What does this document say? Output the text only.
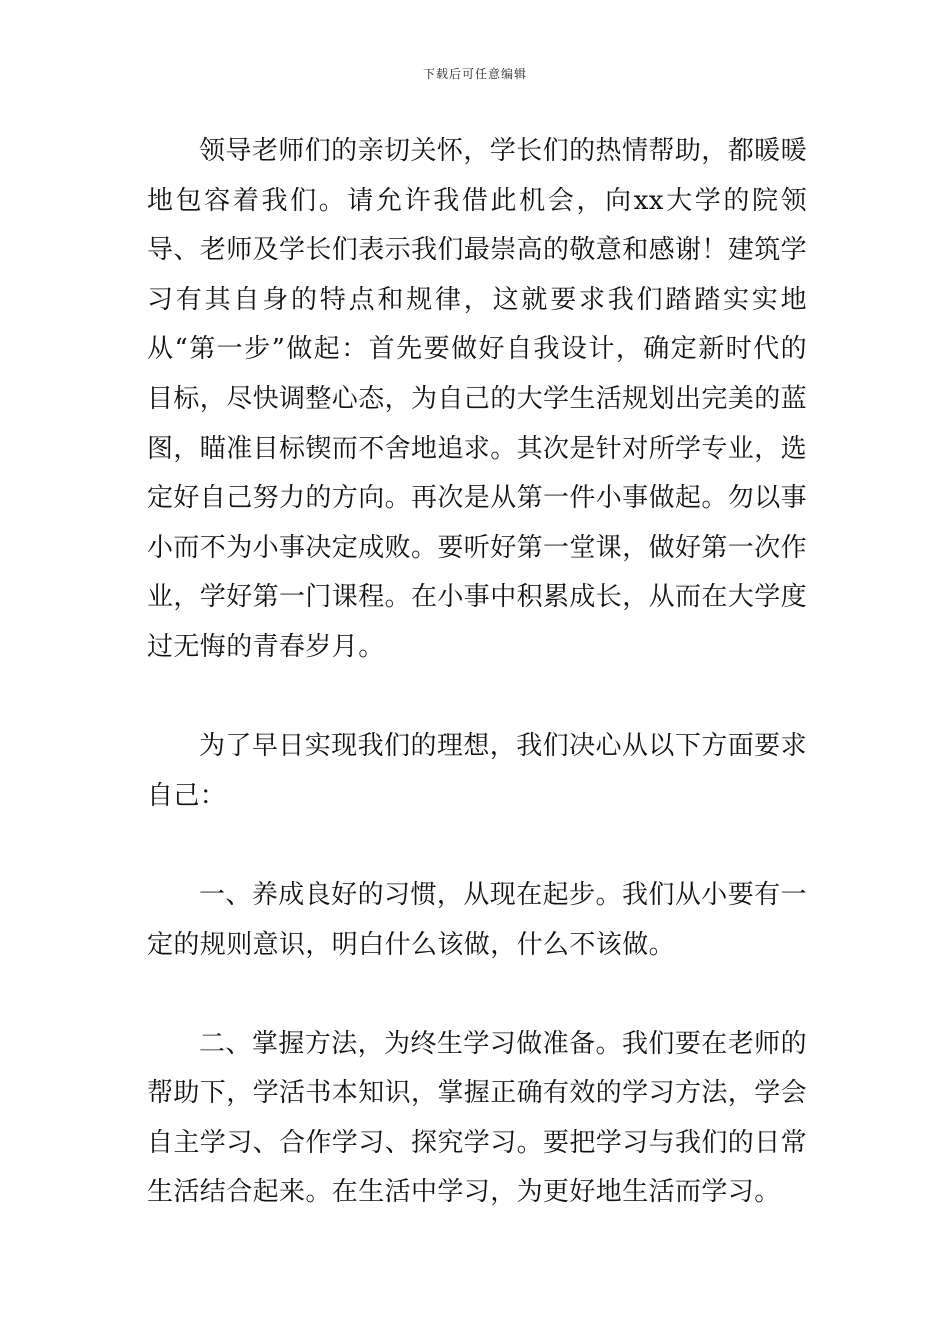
下载后可任意编辑

领导老师们的亲切关怀，学长们的热情帮助，都暖暖地包容着我们。请允许我借此机会，向xx大学的院领导、老师及学长们表示我们最崇高的敬意和感谢！建筑学习有其自身的特点和规律，这就要求我们踏踏实实地从“第一步”做起：首先要做好自我设计，确定新时代的目标，尽快调整心态，为自己的大学生活规划出完美的蓝图，瞄准目标锲而不舍地追求。其次是针对所学专业，选定好自己努力的方向。再次是从第一件小事做起。勿以事小而不为小事决定成败。要听好第一堂课，做好第一次作业，学好第一门课程。在小事中积累成长，从而在大学度过无悔的青春岁月。

为了早日实现我们的理想，我们决心从以下方面要求自己：

一、养成良好的习惯，从现在起步。我们从小要有一定的规则意识，明白什么该做，什么不该做。

二、掌握方法，为终生学习做准备。我们要在老师的帮助下，学活书本知识，掌握正确有效的学习方法，学会自主学习、合作学习、探究学习。要把学习与我们的日常生活结合起来。在生活中学习，为更好地生活而学习。
